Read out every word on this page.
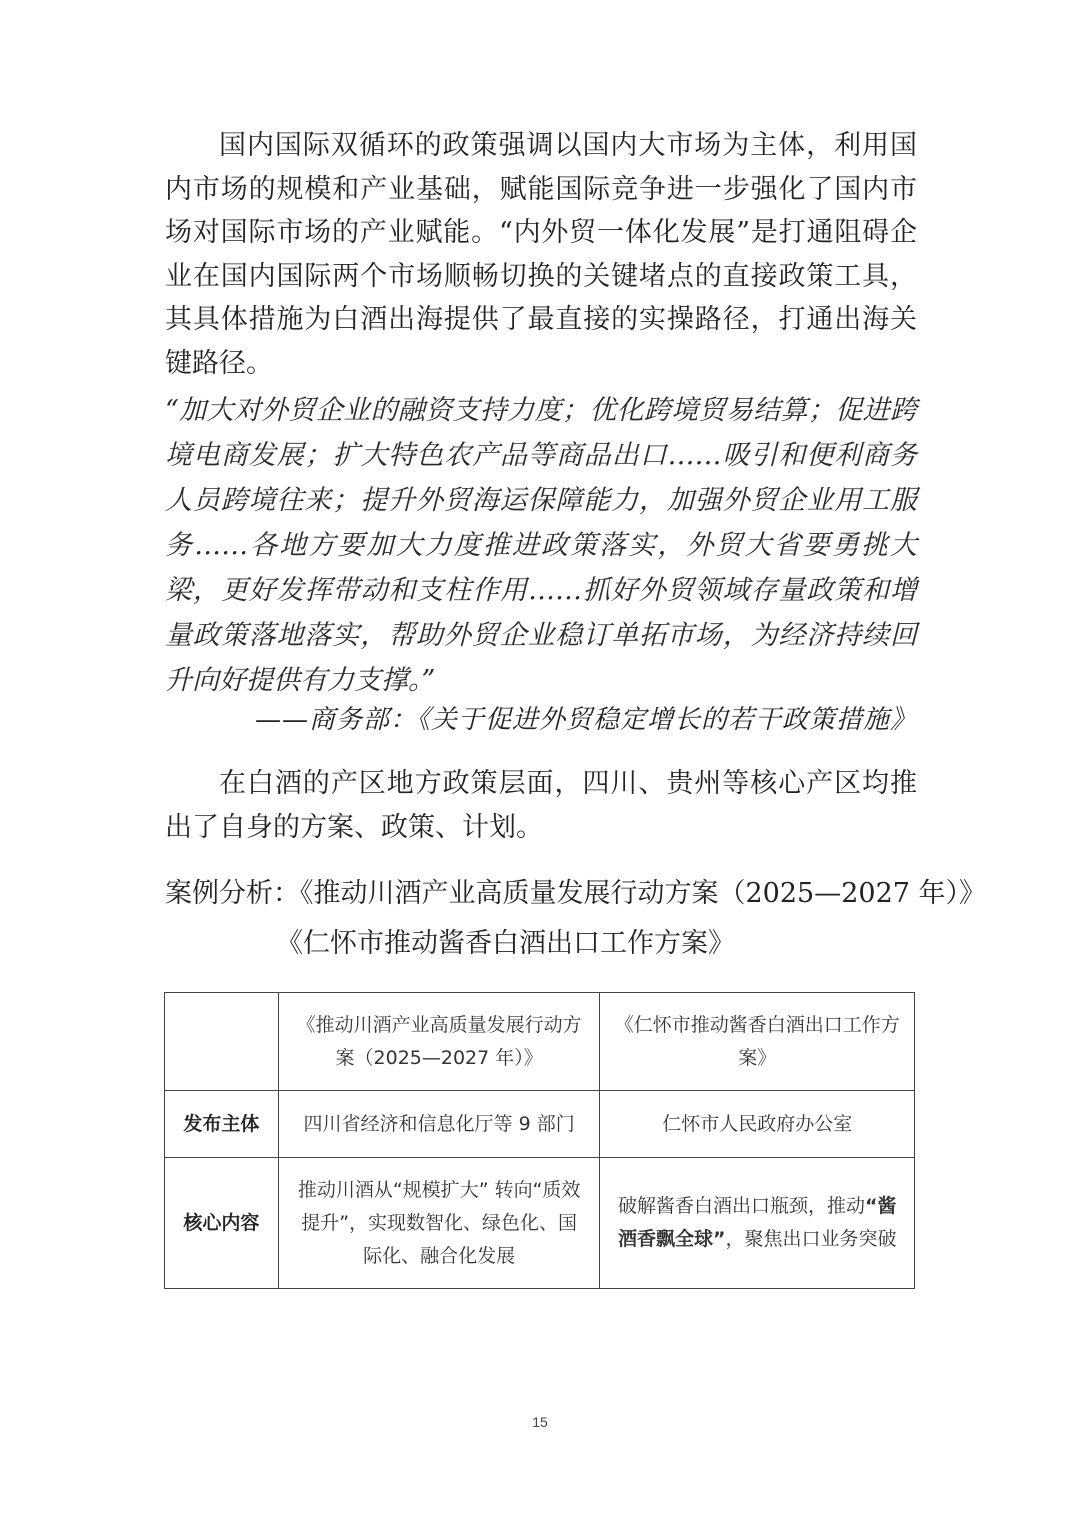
国内国际双循环的政策强调以国内大市场为主体，利用国内市场的规模和产业基础，赋能国际竞争进一步强化了国内市场对国际市场的产业赋能。“内外贸一体化发展”是打通阻碍企业在国内国际两个市场顺畅切换的关键堵点的直接政策工具，其具体措施为白酒出海提供了最直接的实操路径，打通出海关键路径。

“加大对外贸企业的融资支持力度；优化跨境贸易结算；促进跨境电商发展；扩大特色农产品等商品出口……吸引和便利商务人员跨境往来；提升外贸海运保障能力，加强外贸企业用工服务……各地方要加大力度推进政策落实，外贸大省要勇挑大梁，更好发挥带动和支柱作用……抓好外贸领域存量政策和增量政策落地落实，帮助外贸企业稳订单拓市场，为经济持续回升向好提供有力支撑。”

——商务部：《关于促进外贸稳定增长的若干政策措施》

在白酒的产区地方政策层面，四川、贵州等核心产区均推出了自身的方案、政策、计划。

案例分析：《推动川酒产业高质量发展行动方案（2025—2027 年）》

《仁怀市推动酱香白酒出口工作方案》

	《推动川酒产业高质量发展行动方案（2025—2027 年）》	《仁怀市推动酱香白酒出口工作方案》
发布主体	四川省经济和信息化厅等 9 部门	仁怀市人民政府办公室
核心内容	推动川酒从“规模扩大” 转向“质效提升”，实现数智化、绿色化、国际化、融合化发展	破解酱香白酒出口瓶颈，推动“酱酒香飘全球”，聚焦出口业务突破
15
